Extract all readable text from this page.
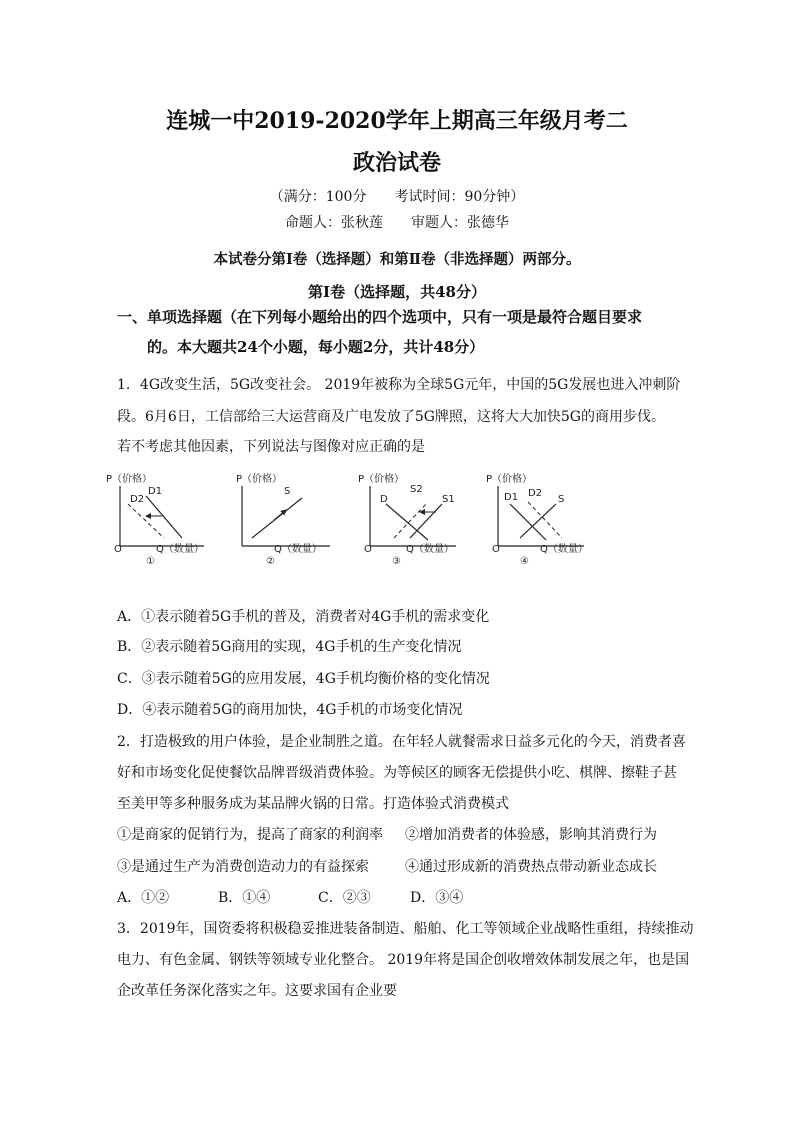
连城一中2019-2020学年上期高三年级月考二
政治试卷
（满分：100分　　考试时间：90分钟）
命题人：张秋莲　　审题人：张德华
本试卷分第Ⅰ卷（选择题）和第Ⅱ卷（非选择题）两部分。
第Ⅰ卷（选择题，共48分）
一、单项选择题（在下列每小题给出的四个选项中，只有一项是最符合题目要求
的。本大题共24个小题，每小题2分，共计48分）
1．4G改变生活，5G改变社会。 2019年被称为全球5G元年，中国的5G发展也进入冲刺阶
段。6月6日，工信部给三大运营商及广电发放了5G牌照，这将大大加快5G的商用步伐。
若不考虑其他因素，下列说法与图像对应正确的是
P（价格）
O	Q（数量）
D2
D1
①
P（价格）
Q（数量）
S
②
P（价格）
O	Q（数量）
D
S2
S1
③
P（价格）
O	Q（数量）
D1 D2
S
④
A．①表示随着5G手机的普及，消费者对4G手机的需求变化
B．②表示随着5G商用的实现，4G手机的生产变化情况
C．③表示随着5G的应用发展，4G手机均衡价格的变化情况
D．④表示随着5G的商用加快，4G手机的市场变化情况
2．打造极致的用户体验，是企业制胜之道。在年轻人就餐需求日益多元化的今天，消费者喜
好和市场变化促使餐饮品牌晋级消费体验。为等候区的顾客无偿提供小吃、棋牌、擦鞋子甚
至美甲等多种服务成为某品牌火锅的日常。打造体验式消费模式
①是商家的促销行为，提高了商家的利润率 ②增加消费者的体验感，影响其消费行为
③是通过生产为消费创造动力的有益探索	④通过形成新的消费热点带动新业态成长
A．①②	B．①④	C．②③	D．③④
3．2019年，国资委将积极稳妥推进装备制造、船舶、化工等领域企业战略性重组，持续推动
电力、有色金属、钢铁等领域专业化整合。 2019年将是国企创收增效体制发展之年，也是国
企改革任务深化落实之年。这要求国有企业要
